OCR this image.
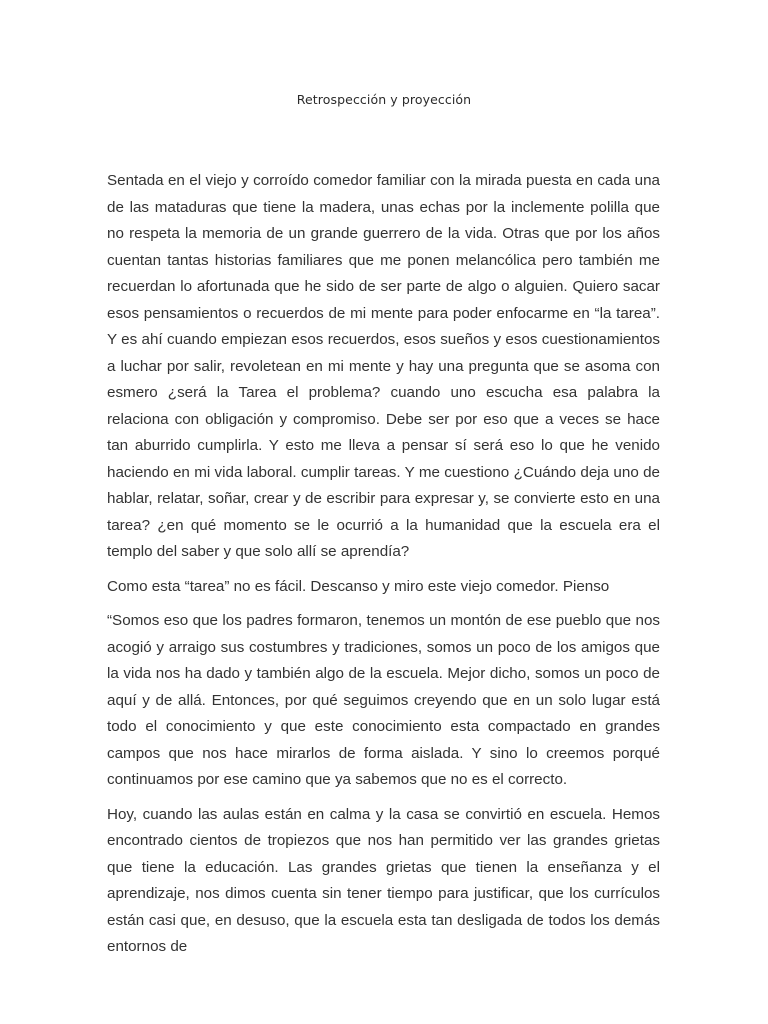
Retrospección y proyección

Sentada en el viejo y corroído comedor familiar con la mirada puesta en cada una de las mataduras que tiene la madera, unas echas por la inclemente polilla que no respeta la memoria de un grande guerrero de la vida. Otras que por los años cuentan tantas historias familiares que me ponen melancólica pero también me recuerdan lo afortunada que he sido de ser parte de algo o alguien. Quiero sacar esos pensamientos o recuerdos de mi mente para poder enfocarme en “la tarea”. Y es ahí cuando empiezan esos recuerdos, esos sueños y esos cuestionamientos a luchar por salir, revoletean en mi mente y hay una pregunta que se asoma con esmero ¿será la Tarea el problema? cuando uno escucha esa palabra la relaciona con obligación y compromiso. Debe ser por eso que a veces se hace tan aburrido cumplirla. Y esto me lleva a pensar sí será eso lo que he venido haciendo en mi vida laboral. cumplir tareas. Y me cuestiono ¿Cuándo deja uno de hablar, relatar, soñar, crear y de escribir para expresar y, se convierte esto en una tarea? ¿en qué momento se le ocurrió a la humanidad que la escuela era el templo del saber y que solo allí se aprendía?

Como esta “tarea” no es fácil. Descanso y miro este viejo comedor. Pienso

“Somos eso que los padres formaron, tenemos un montón de ese pueblo que nos acogió y arraigo sus costumbres y tradiciones, somos un poco de los amigos que la vida nos ha dado y también algo de la escuela. Mejor dicho, somos un poco de aquí y de allá. Entonces, por qué seguimos creyendo que en un solo lugar está todo el conocimiento y que este conocimiento esta compactado en grandes campos que nos hace mirarlos de forma aislada. Y sino lo creemos porqué continuamos por ese camino que ya sabemos que no es el correcto.

Hoy, cuando las aulas están en calma y la casa se convirtió en escuela. Hemos encontrado cientos de tropiezos que nos han permitido ver las grandes grietas que tiene la educación. Las grandes grietas que tienen la enseñanza y el aprendizaje, nos dimos cuenta sin tener tiempo para justificar, que los currículos están casi que, en desuso, que la escuela esta tan desligada de todos los demás entornos de
